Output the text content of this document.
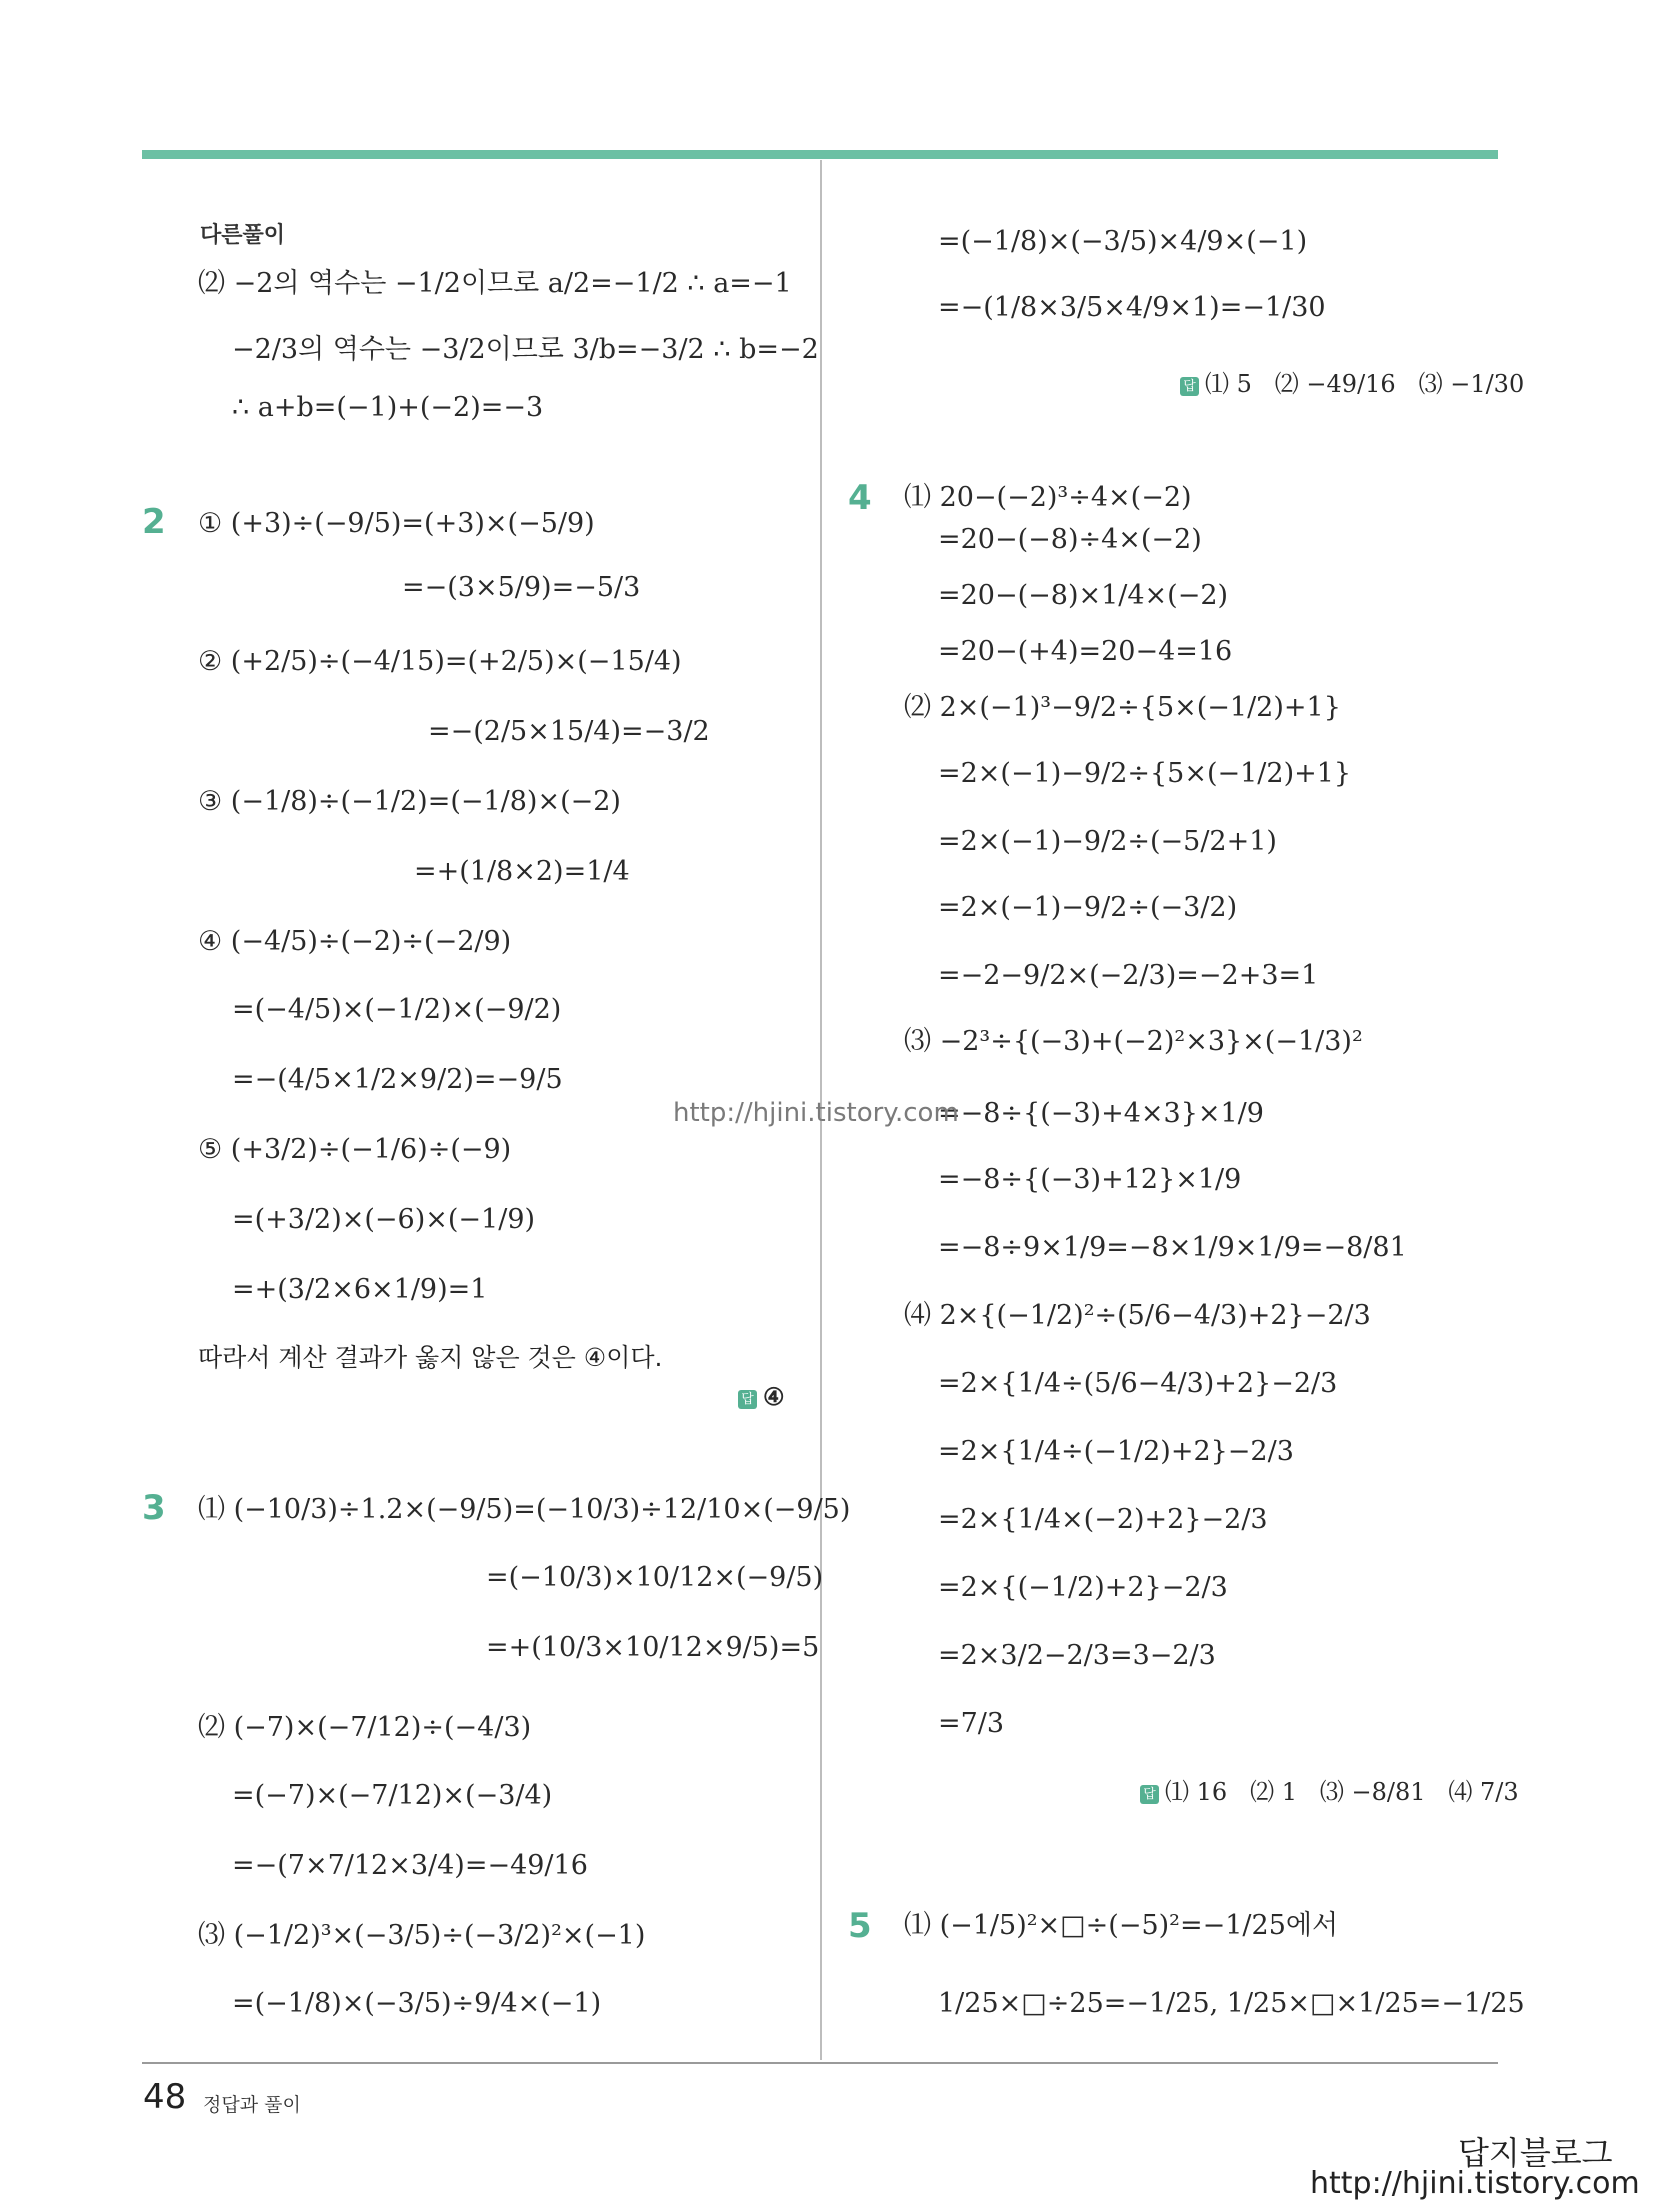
다른풀이
⑵ −2의 역수는 −1/2이므로 a/2=−1/2 ∴ a=−1
−2/3의 역수는 −3/2이므로 3/b=−3/2 ∴ b=−2
∴ a+b=(−1)+(−2)=−3
2 ① (+3)÷(−9/5)=(+3)×(−5/9)
=−(3×5/9)=−5/3
② (+2/5)÷(−4/15)=(+2/5)×(−15/4)
=−(2/5×15/4)=−3/2
③ (−1/8)÷(−1/2)=(−1/8)×(−2)
=+(1/8×2)=1/4
④ (−4/5)÷(−2)÷(−2/9)
=(−4/5)×(−1/2)×(−9/2)
=−(4/5×1/2×9/2)=−9/5
⑤ (+3/2)÷(−1/6)÷(−9)
=(+3/2)×(−6)×(−1/9)
=+(3/2×6×1/9)=1
따라서 계산 결과가 옳지 않은 것은 ④이다.
답 ④
3 ⑴ (−10/3)÷1.2×(−9/5)=(−10/3)÷12/10×(−9/5)
=(−10/3)×10/12×(−9/5)
=+(10/3×10/12×9/5)=5
⑵ (−7)×(−7/12)÷(−4/3)
=(−7)×(−7/12)×(−3/4)
=−(7×7/12×3/4)=−49/16
⑶ (−1/2)³×(−3/5)÷(−3/2)²×(−1)
=(−1/8)×(−3/5)÷9/4×(−1)
=(−1/8)×(−3/5)×4/9×(−1)
=−(1/8×3/5×4/9×1)=−1/30
답 ⑴ 5 ⑵ −49/16 ⑶ −1/30
4 ⑴ 20−(−2)³÷4×(−2)
=20−(−8)÷4×(−2)
=20−(−8)×1/4×(−2)
=20−(+4)=20−4=16
⑵ 2×(−1)³−9/2÷{5×(−1/2)+1}
=2×(−1)−9/2÷{5×(−1/2)+1}
=2×(−1)−9/2÷(−5/2+1)
=2×(−1)−9/2÷(−3/2)
=−2−9/2×(−2/3)=−2+3=1
⑶ −2³÷{(−3)+(−2)²×3}×(−1/3)²
=−8÷{(−3)+4×3}×1/9
=−8÷{(−3)+12}×1/9
=−8÷9×1/9=−8×1/9×1/9=−8/81
⑷ 2×{(−1/2)²÷(5/6−4/3)+2}−2/3
=2×{1/4÷(5/6−4/3)+2}−2/3
=2×{1/4÷(−1/2)+2}−2/3
=2×{1/4×(−2)+2}−2/3
=2×{(−1/2)+2}−2/3
=2×3/2−2/3=3−2/3
=7/3
답 ⑴ 16 ⑵ 1 ⑶ −8/81 ⑷ 7/3
5 ⑴ (−1/5)²×□÷(−5)²=−1/25에서
1/25×□÷25=−1/25, 1/25×□×1/25=−1/25
http://hjini.tistory.com
48 정답과 풀이
답지블로그
http://hjini.tistory.com
